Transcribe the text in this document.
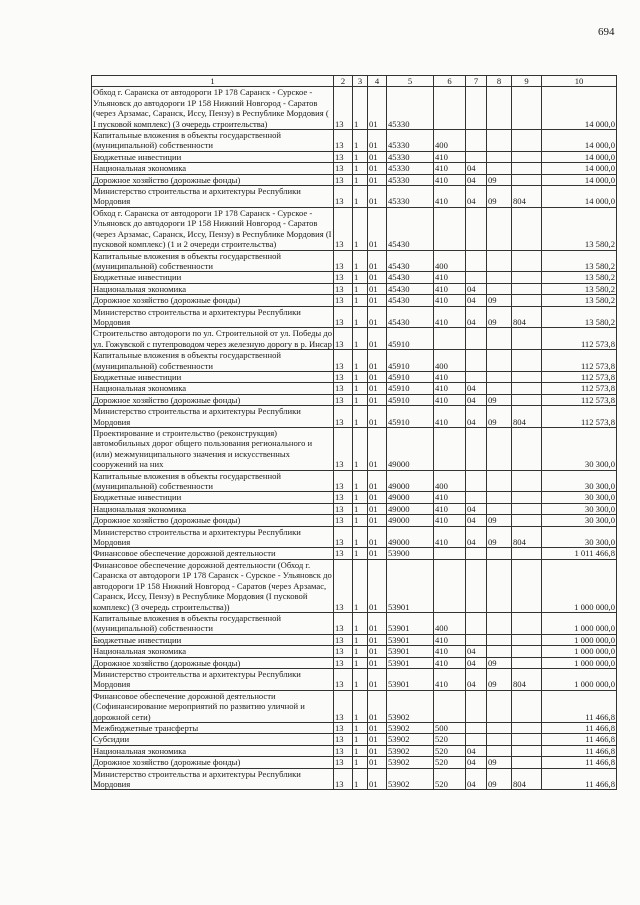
694
1	2	3	4	5	6	7	8	9	10
Обход г. Саранска от автодороги 1Р 178 Саранск - Сурское - Ульяновск до автодороги 1Р 158 Нижний Новгород - Саратов (через Арзамас, Саранск, Иссу, Пензу) в Республике Мордовия ( I пусковой комплекс) (3 очередь строительства)	13	1	01	45330					14 000,0
Капитальные вложения в объекты государственной (муниципальной) собственности	13	1	01	45330	400				14 000,0
Бюджетные инвестиции	13	1	01	45330	410				14 000,0
Национальная экономика	13	1	01	45330	410	04			14 000,0
Дорожное хозяйство (дорожные фонды)	13	1	01	45330	410	04	09		14 000,0
Министерство строительства и архитектуры Республики Мордовия	13	1	01	45330	410	04	09	804	14 000,0
Обход г. Саранска от автодороги 1Р 178 Саранск - Сурское - Ульяновск до автодороги 1Р 158 Нижний Новгород - Саратов (через Арзамас, Саранск, Иссу, Пензу) в Республике Мордовия (I пусковой комплекс) (1 и 2 очереди строительства)	13	1	01	45430					13 580,2
Капитальные вложения в объекты государственной (муниципальной) собственности	13	1	01	45430	400				13 580,2
Бюджетные инвестиции	13	1	01	45430	410				13 580,2
Национальная экономика	13	1	01	45430	410	04			13 580,2
Дорожное хозяйство (дорожные фонды)	13	1	01	45430	410	04	09		13 580,2
Министерство строительства и архитектуры Республики Мордовия	13	1	01	45430	410	04	09	804	13 580,2
Строительство автодороги по ул. Строительной от ул. Победы до ул. Гожувской с путепроводом через железную дорогу в р. Инсар	13	1	01	45910					112 573,8
Капитальные вложения в объекты государственной (муниципальной) собственности	13	1	01	45910	400				112 573,8
Бюджетные инвестиции	13	1	01	45910	410				112 573,8
Национальная экономика	13	1	01	45910	410	04			112 573,8
Дорожное хозяйство (дорожные фонды)	13	1	01	45910	410	04	09		112 573,8
Министерство строительства и архитектуры Республики Мордовия	13	1	01	45910	410	04	09	804	112 573,8
Проектирование и строительство (реконструкция) автомобильных дорог общего пользования регионального и (или) межмуниципального значения и искусственных сооружений на них	13	1	01	49000					30 300,0
Капитальные вложения в объекты государственной (муниципальной) собственности	13	1	01	49000	400				30 300,0
Бюджетные инвестиции	13	1	01	49000	410				30 300,0
Национальная экономика	13	1	01	49000	410	04			30 300,0
Дорожное хозяйство (дорожные фонды)	13	1	01	49000	410	04	09		30 300,0
Министерство строительства и архитектуры Республики Мордовия	13	1	01	49000	410	04	09	804	30 300,0
Финансовое обеспечение дорожной деятельности	13	1	01	53900					1 011 466,8
Финансовое обеспечение дорожной деятельности (Обход г. Саранска от автодороги 1Р 178 Саранск - Сурское - Ульяновск до автодороги 1Р 158 Нижний Новгород - Саратов (через Арзамас, Саранск, Иссу, Пензу) в Республике Мордовия (I пусковой комплекс) (3 очередь строительства))	13	1	01	53901					1 000 000,0
Капитальные вложения в объекты государственной (муниципальной) собственности	13	1	01	53901	400				1 000 000,0
Бюджетные инвестиции	13	1	01	53901	410				1 000 000,0
Национальная экономика	13	1	01	53901	410	04			1 000 000,0
Дорожное хозяйство (дорожные фонды)	13	1	01	53901	410	04	09		1 000 000,0
Министерство строительства и архитектуры Республики Мордовия	13	1	01	53901	410	04	09	804	1 000 000,0
Финансовое обеспечение дорожной деятельности (Софинансирование мероприятий по развитию уличной и дорожной сети)	13	1	01	53902					11 466,8
Межбюджетные трансферты	13	1	01	53902	500				11 466,8
Субсидии	13	1	01	53902	520				11 466,8
Национальная экономика	13	1	01	53902	520	04			11 466,8
Дорожное хозяйство (дорожные фонды)	13	1	01	53902	520	04	09		11 466,8
Министерство строительства и архитектуры Республики Мордовия	13	1	01	53902	520	04	09	804	11 466,8
